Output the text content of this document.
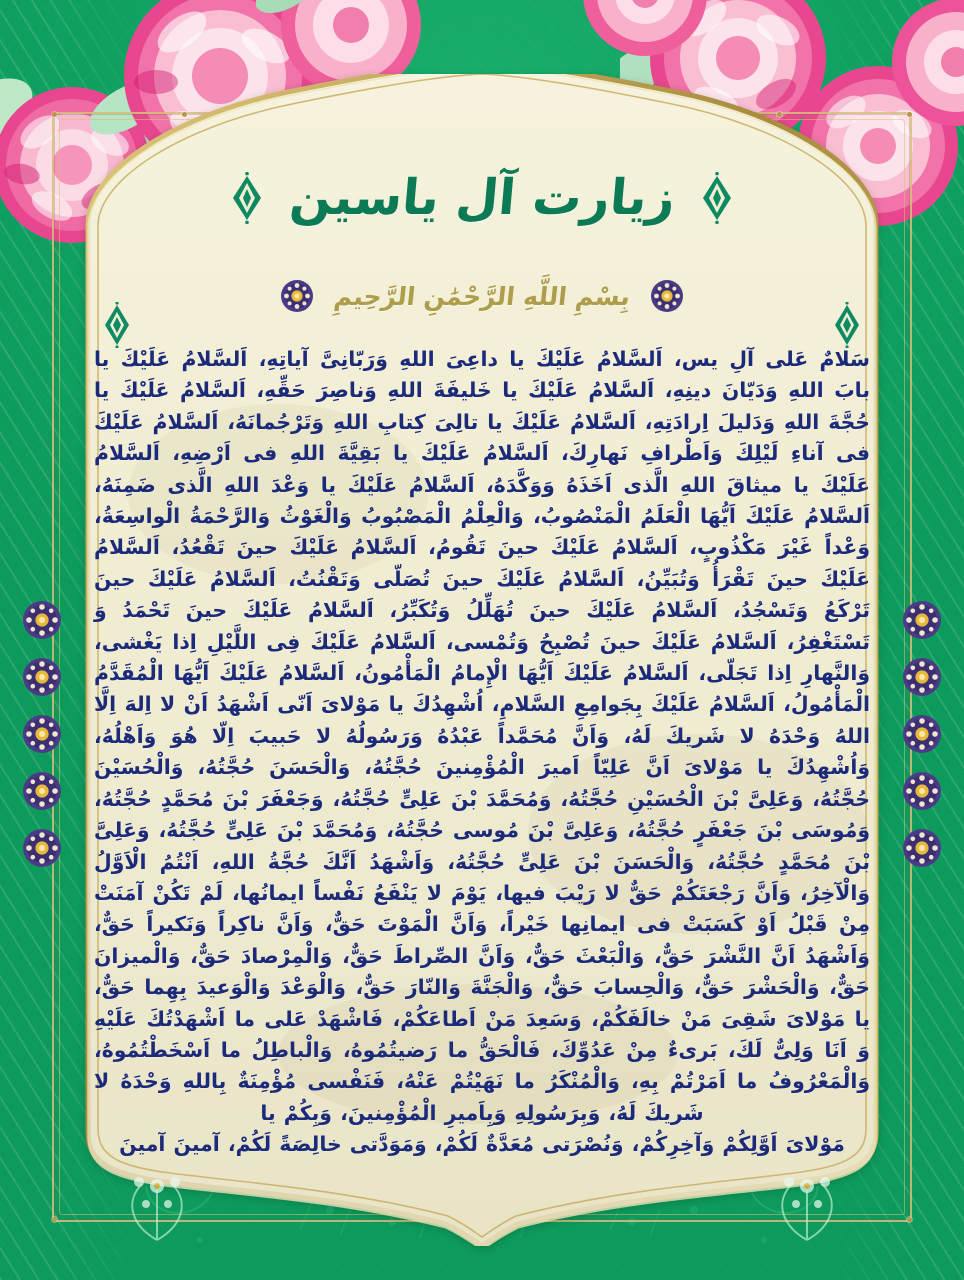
زیارت آل یاسین
بِسْمِ اللَّهِ الرَّحْمَٰنِ الرَّحِيمِ
سَلامٌ عَلى آلِ يس، اَلسَّلامُ عَلَيْكَ يا داعِىَ اللهِ وَرَبّانِىَّ آياتِهِ، اَلسَّلامُ عَلَيْكَ يا بابَ اللهِ وَدَيّانَ دينِهِ، اَلسَّلامُ عَلَيْكَ يا خَليفَةَ اللهِ وَناصِرَ حَقِّهِ، اَلسَّلامُ عَلَيْكَ يا حُجَّةَ اللهِ وَدَليلَ اِرادَتِهِ، اَلسَّلامُ عَلَيْكَ يا تالِىَ كِتابِ اللهِ وَتَرْجُمانَهُ، اَلسَّلامُ عَلَيْكَ فى آناءِ لَيْلِكَ وَاَطْرافِ نَهارِكَ، اَلسَّلامُ عَلَيْكَ يا بَقِيَّةَ اللهِ فى اَرْضِهِ، اَلسَّلامُ عَلَيْكَ يا ميثاقَ اللهِ الَّذى اَخَذَهُ وَوَكَّدَهُ، اَلسَّلامُ عَلَيْكَ يا وَعْدَ اللهِ الَّذى ضَمِنَهُ، اَلسَّلامُ عَلَيْكَ اَيُّهَا الْعَلَمُ الْمَنْصُوبُ، وَالْعِلْمُ الْمَصْبُوبُ وَالْغَوْثُ وَالرَّحْمَةُ الْواسِعَةُ، وَعْداً غَيْرَ مَكْذُوبٍ، اَلسَّلامُ عَلَيْكَ حينَ تَقُومُ، اَلسَّلامُ عَلَيْكَ حينَ تَقْعُدُ، اَلسَّلامُ عَلَيْكَ حينَ تَقْرَأُ وَتُبَيِّنُ، اَلسَّلامُ عَلَيْكَ حينَ تُصَلّى وَتَقْنُتُ، اَلسَّلامُ عَلَيْكَ حينَ تَرْكَعُ وَتَسْجُدُ، اَلسَّلامُ عَلَيْكَ حينَ تُهَلِّلُ وَتُكَبِّرُ، اَلسَّلامُ عَلَيْكَ حينَ تَحْمَدُ وَ تَسْتَغْفِرُ، اَلسَّلامُ عَلَيْكَ حينَ تُصْبِحُ وَتُمْسى، اَلسَّلامُ عَلَيْكَ فِى اللَّيْلِ اِذا يَغْشى، وَالنَّهارِ اِذا تَجَلّى، اَلسَّلامُ عَلَيْكَ اَيُّهَا الْإِمامُ الْمَأْمُونُ، اَلسَّلامُ عَلَيْكَ اَيُّهَا الْمُقَدَّمُ الْمَأْمُولُ، اَلسَّلامُ عَلَيْكَ بِجَوامِعِ السَّلامِ، اُشْهِدُكَ يا مَوْلاىَ اَنّى اَشْهَدُ اَنْ لا اِلهَ اِلَّا اللهُ وَحْدَهُ لا شَريكَ لَهُ، وَاَنَّ مُحَمَّداً عَبْدُهُ وَرَسُولُهُ لا حَبيبَ اِلّا هُوَ وَاَهْلُهُ، وَاُشْهِدُكَ يا مَوْلاىَ اَنَّ عَلِيّاً اَميرَ الْمُؤْمِنينَ حُجَّتُهُ، وَالْحَسَنَ حُجَّتُهُ، وَالْحُسَيْنَ حُجَّتُهُ، وَعَلِىَّ بْنَ الْحُسَيْنِ حُجَّتُهُ، وَمُحَمَّدَ بْنَ عَلِىٍّ حُجَّتُهُ، وَجَعْفَرَ بْنَ مُحَمَّدٍ حُجَّتُهُ، وَمُوسَى بْنَ جَعْفَرٍ حُجَّتُهُ، وَعَلِىَّ بْنَ مُوسى حُجَّتُهُ، وَمُحَمَّدَ بْنَ عَلِىٍّ حُجَّتُهُ، وَعَلِىَّ بْنَ مُحَمَّدٍ حُجَّتُهُ، وَالْحَسَنَ بْنَ عَلِىٍّ حُجَّتُهُ، وَاَشْهَدُ اَنَّكَ حُجَّةُ اللهِ، اَنْتُمُ الْاَوَّلُ وَالْآخِرُ، وَاَنَّ رَجْعَتَكُمْ حَقٌّ لا رَيْبَ فيها، يَوْمَ لا يَنْفَعُ نَفْساً ايمانُها، لَمْ تَكُنْ آمَنَتْ مِنْ قَبْلُ اَوْ كَسَبَتْ فى ايمانِها خَيْراً، وَاَنَّ الْمَوْتَ حَقٌّ، وَاَنَّ ناكِراً وَنَكيراً حَقٌّ، وَاَشْهَدُ اَنَّ النَّشْرَ حَقٌّ، وَالْبَعْثَ حَقٌّ، وَاَنَّ الصِّراطَ حَقٌّ، وَالْمِرْصادَ حَقٌّ، وَالْميزانَ حَقٌّ، وَالْحَشْرَ حَقٌّ، وَالْحِسابَ حَقٌّ، وَالْجَنَّةَ وَالنّارَ حَقٌّ، وَالْوَعْدَ وَالْوَعيدَ بِهِما حَقٌّ، يا مَوْلاىَ شَقِىَ مَنْ خالَفَكُمْ، وَسَعِدَ مَنْ اَطاعَكُمْ، فَاشْهَدْ عَلى ما اَشْهَدْتُكَ عَلَيْهِ وَ اَنَا وَلِىٌّ لَكَ، بَرىءٌ مِنْ عَدُوِّكَ، فَالْحَقُّ ما رَضيتُمُوهُ، وَالْباطِلُ ما اَسْخَطْتُمُوهُ، وَالْمَعْرُوفُ ما اَمَرْتُمْ بِهِ، وَالْمُنْكَرُ ما نَهَيْتُمْ عَنْهُ، فَنَفْسى مُؤْمِنَةٌ بِاللهِ وَحْدَهُ لا شَريكَ لَهُ، وَبِرَسُولِهِ وَبِاَميرِ الْمُؤْمِنينَ، وَبِكُمْ يا
مَوْلاىَ اَوَّلِكُمْ وَآخِرِكُمْ، وَنُصْرَتى مُعَدَّةٌ لَكُمْ، وَمَوَدَّتى خالِصَةً لَكُمْ، آمينَ آمينَ
